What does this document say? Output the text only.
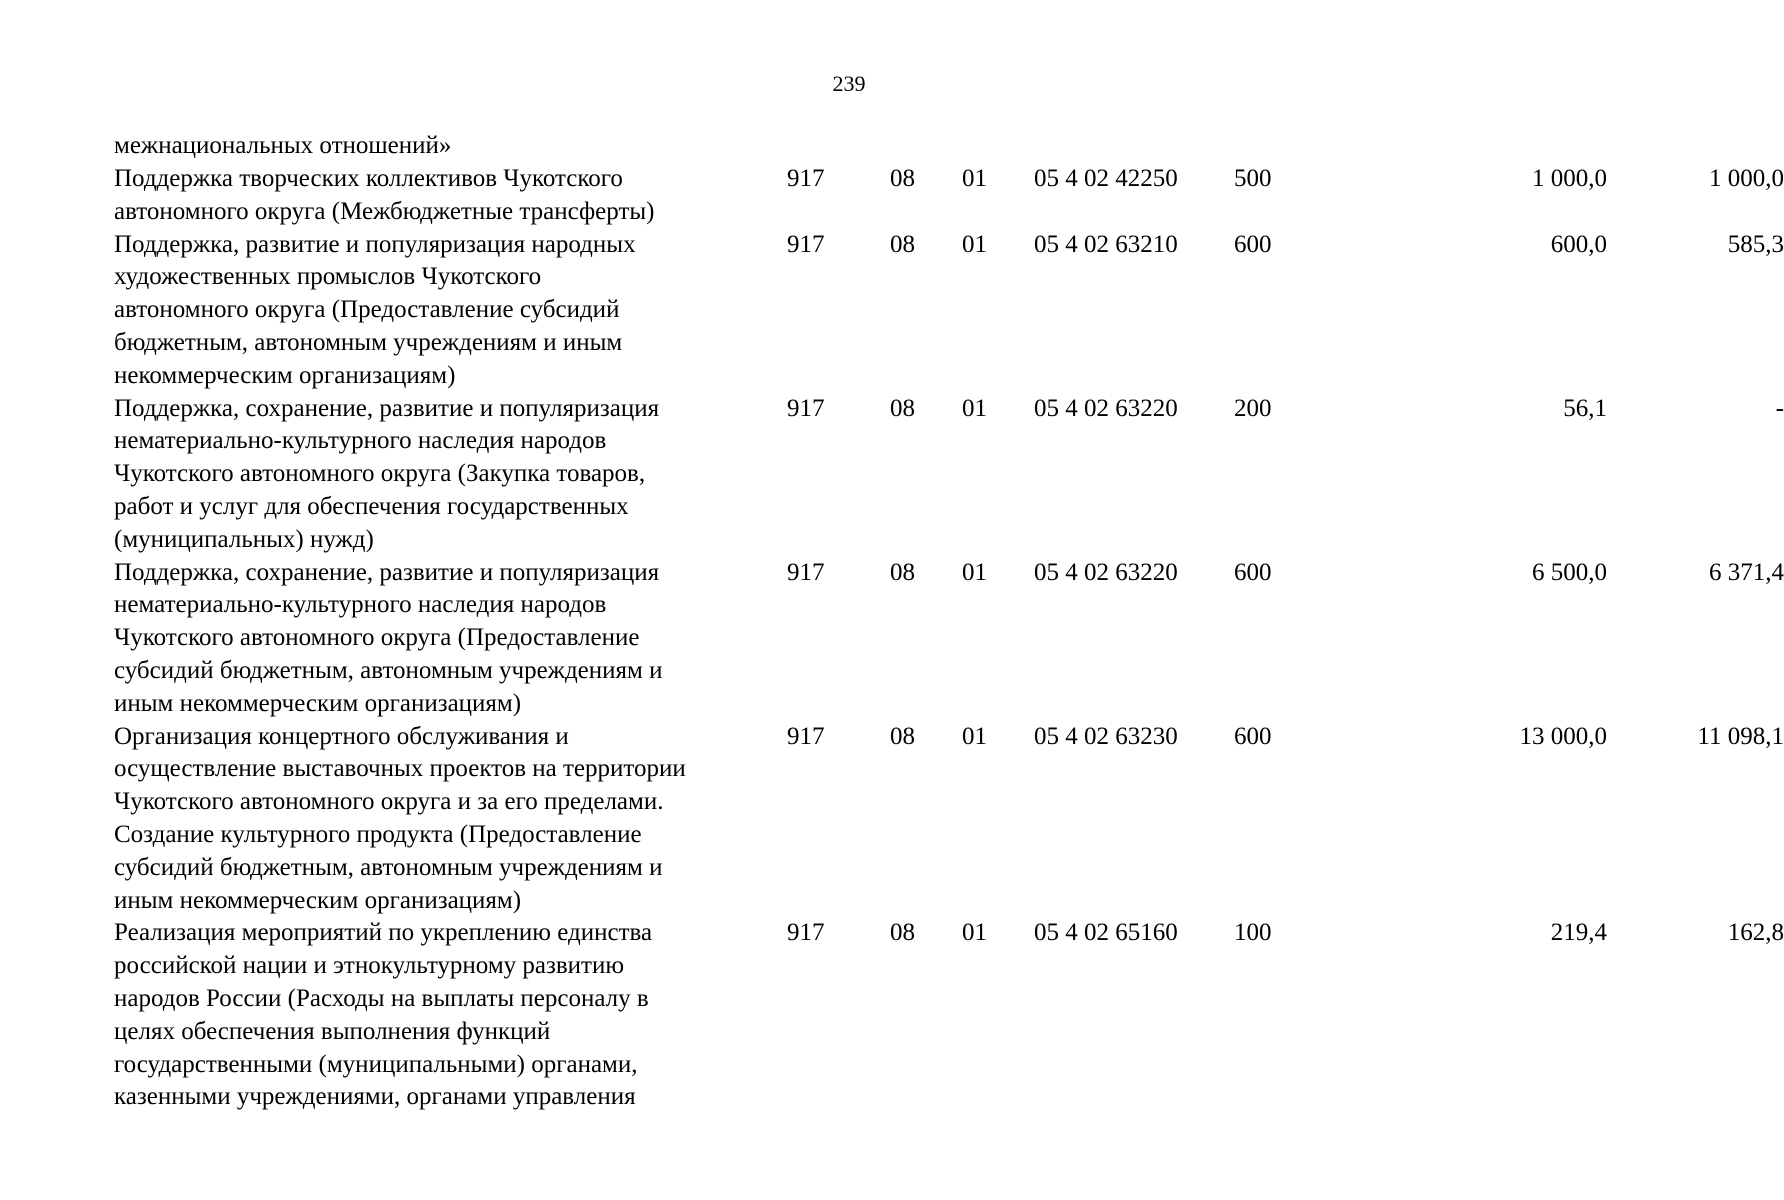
239
межнациональных отношений»
Поддержка творческих коллективов Чукотского
автономного округа (Межбюджетные трансферты)
917	08 01 05 4 02 42250 500	1 000,0	1 000,0
Поддержка, развитие и популяризация народных
художественных промыслов Чукотского
автономного округа (Предоставление субсидий
бюджетным, автономным учреждениям и иным
некоммерческим организациям)
917	08 01 05 4 02 63210 600	600,0	585,3
Поддержка, сохранение, развитие и популяризация
нематериально-культурного наследия народов
Чукотского автономного округа (Закупка товаров,
работ и услуг для обеспечения государственных
(муниципальных) нужд)
917	08 01 05 4 02 63220 200	56,1	-
Поддержка, сохранение, развитие и популяризация
нематериально-культурного наследия народов
Чукотского автономного округа (Предоставление
субсидий бюджетным, автономным учреждениям и
иным некоммерческим организациям)
917	08 01 05 4 02 63220 600	6 500,0	6 371,4
Организация концертного обслуживания и
осуществление выставочных проектов на территории
Чукотского автономного округа и за его пределами.
Создание культурного продукта (Предоставление
субсидий бюджетным, автономным учреждениям и
иным некоммерческим организациям)
917	08 01 05 4 02 63230 600	13 000,0	11 098,1
Реализация мероприятий по укреплению единства
российской нации и этнокультурному развитию
народов России (Расходы на выплаты персоналу в
целях обеспечения выполнения функций
государственными (муниципальными) органами,
казенными учреждениями, органами управления
917	08 01 05 4 02 65160 100	219,4	162,8
